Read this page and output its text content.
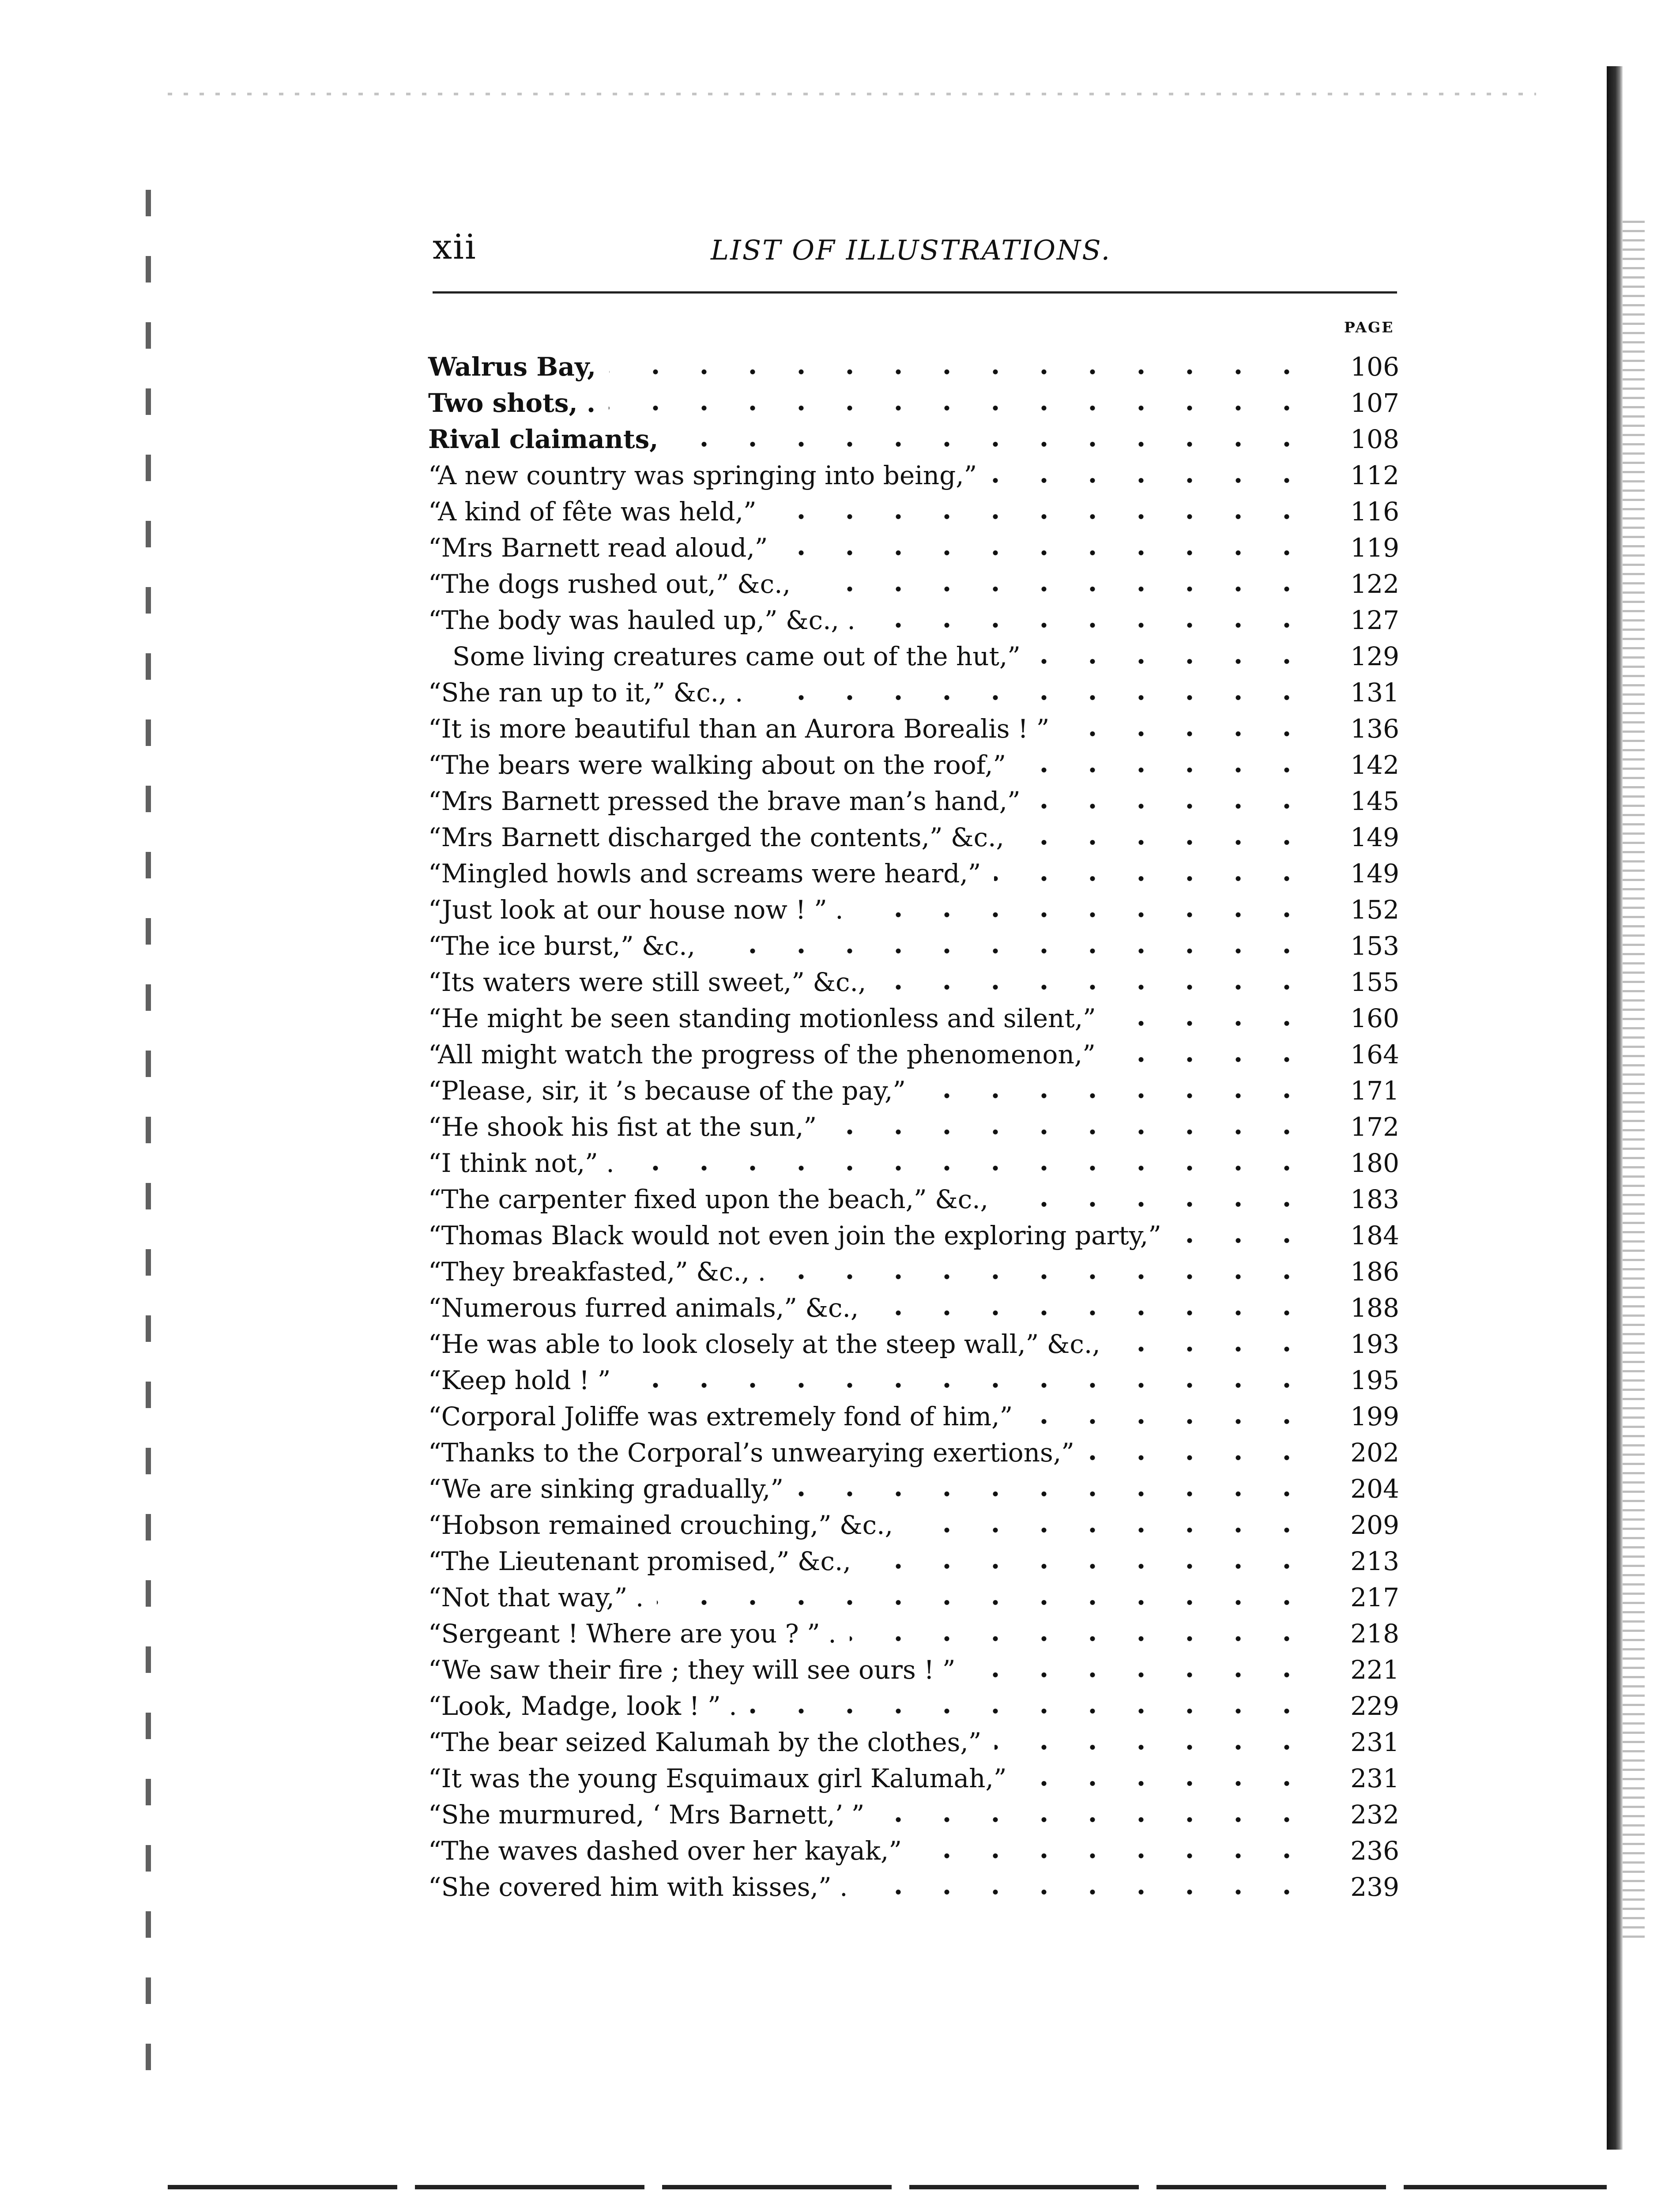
xii	LIST OF ILLUSTRATIONS.
PAGE
Walrus Bay,	106
Two shots, .	107
Rival claimants,	108
“A new country was springing into being,”	112
“A kind of fête was held,”	116
“Mrs Barnett read aloud,”	119
“The dogs rushed out,” &c.,	122
“The body was hauled up,” &c., .	127
Some living creatures came out of the hut,”	129
“She ran up to it,” &c., .	131
“It is more beautiful than an Aurora Borealis ! ”	136
“The bears were walking about on the roof,”	142
“Mrs Barnett pressed the brave man’s hand,”	145
“Mrs Barnett discharged the contents,” &c.,	149
“Mingled howls and screams were heard,”	149
“Just look at our house now ! ” .	152
“The ice burst,” &c.,	153
“Its waters were still sweet,” &c.,	155
“He might be seen standing motionless and silent,”	160
“All might watch the progress of the phenomenon,”	164
“Please, sir, it ’s because of the pay,”	171
“He shook his fist at the sun,”	172
“I think not,” .	180
“The carpenter fixed upon the beach,” &c.,	183
“Thomas Black would not even join the exploring party,”	184
“They breakfasted,” &c., .	186
“Numerous furred animals,” &c.,	188
“He was able to look closely at the steep wall,” &c.,	193
“Keep hold ! ”	195
“Corporal Joliffe was extremely fond of him,”	199
“Thanks to the Corporal’s unwearying exertions,”	202
“We are sinking gradually,”	204
“Hobson remained crouching,” &c.,	209
“The Lieutenant promised,” &c.,	213
“Not that way,” .	217
“Sergeant ! Where are you ? ” .	218
“We saw their fire ; they will see ours ! ”	221
“Look, Madge, look ! ” .	229
“The bear seized Kalumah by the clothes,”	231
“It was the young Esquimaux girl Kalumah,”	231
“She murmured, ‘ Mrs Barnett,’ ”	232
“The waves dashed over her kayak,”	236
“She covered him with kisses,” .	239
